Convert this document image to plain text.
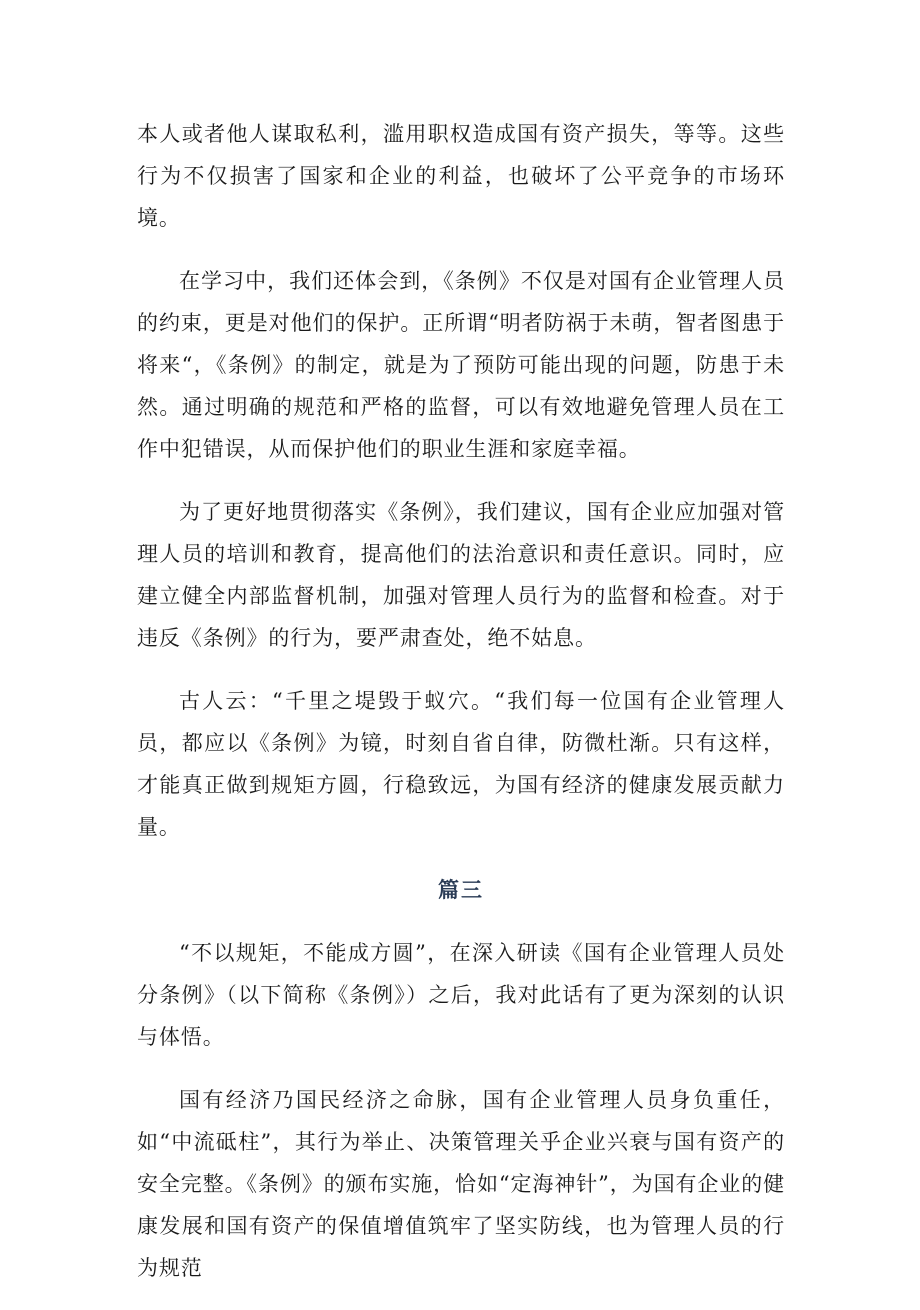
本人或者他人谋取私利，滥用职权造成国有资产损失，等等。这些行为不仅损害了国家和企业的利益，也破坏了公平竞争的市场环境。

在学习中，我们还体会到，《条例》不仅是对国有企业管理人员的约束，更是对他们的保护。正所谓“明者防祸于未萌，智者图患于将来“，《条例》的制定，就是为了预防可能出现的问题，防患于未然。通过明确的规范和严格的监督，可以有效地避免管理人员在工作中犯错误，从而保护他们的职业生涯和家庭幸福。

为了更好地贯彻落实《条例》，我们建议，国有企业应加强对管理人员的培训和教育，提高他们的法治意识和责任意识。同时，应建立健全内部监督机制，加强对管理人员行为的监督和检查。对于违反《条例》的行为，要严肃查处，绝不姑息。

古人云：“千里之堤毁于蚁穴。“我们每一位国有企业管理人员，都应以《条例》为镜，时刻自省自律，防微杜渐。只有这样，才能真正做到规矩方圆，行稳致远，为国有经济的健康发展贡献力量。

篇三

“不以规矩，不能成方圆”，在深入研读《国有企业管理人员处分条例》（以下简称《条例》）之后，我对此话有了更为深刻的认识与体悟。

国有经济乃国民经济之命脉，国有企业管理人员身负重任，如“中流砥柱”，其行为举止、决策管理关乎企业兴衰与国有资产的安全完整。《条例》的颁布实施，恰如“定海神针”，为国有企业的健康发展和国有资产的保值增值筑牢了坚实防线，也为管理人员的行为规范
